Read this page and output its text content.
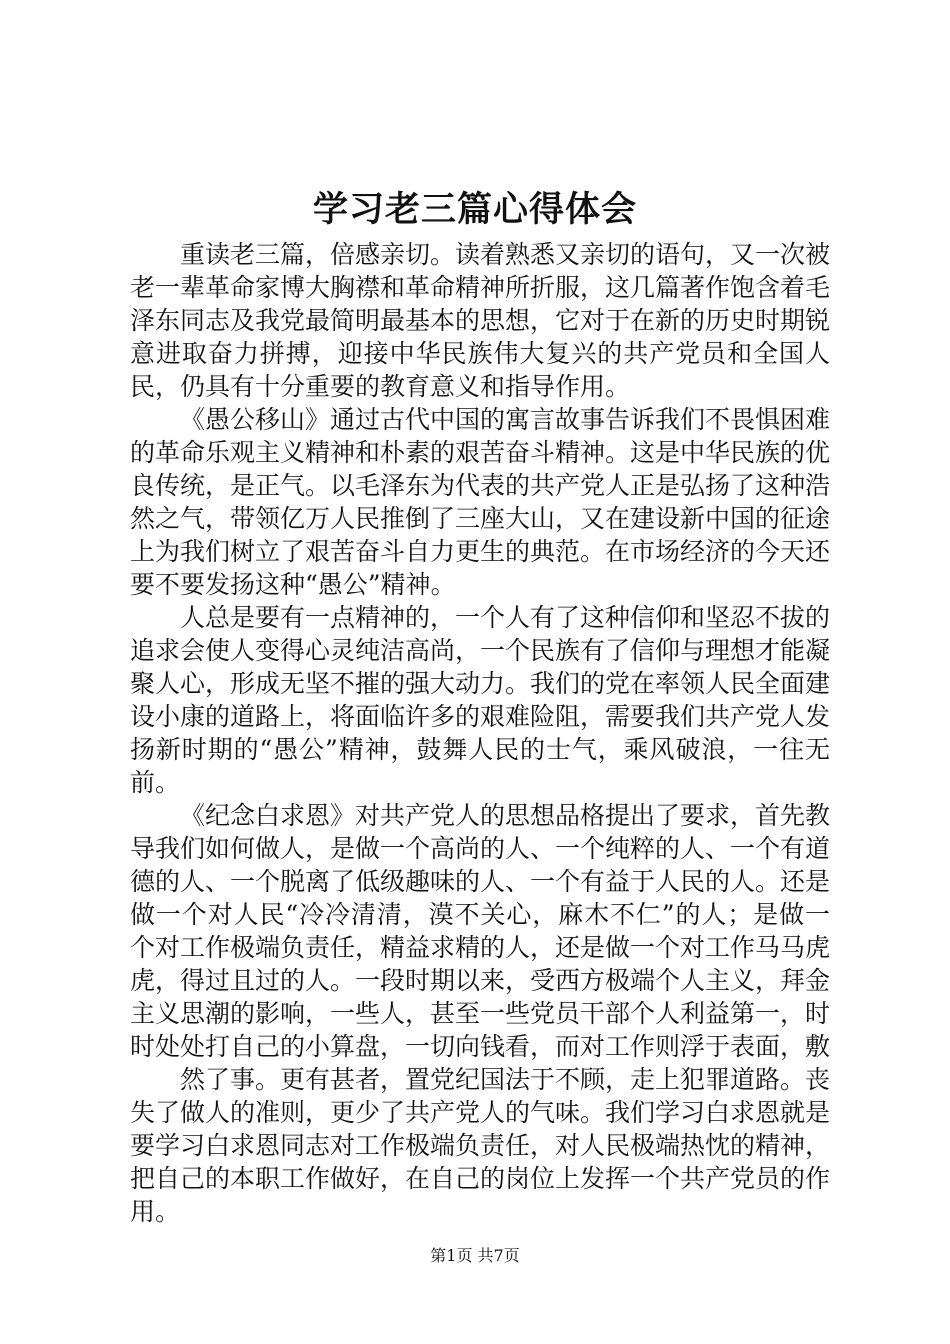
学习老三篇心得体会

重读老三篇，倍感亲切。读着熟悉又亲切的语句，又一次被老一辈革命家博大胸襟和革命精神所折服，这几篇著作饱含着毛泽东同志及我党最简明最基本的思想，它对于在新的历史时期锐意进取奋力拼搏，迎接中华民族伟大复兴的共产党员和全国人民，仍具有十分重要的教育意义和指导作用。

《愚公移山》通过古代中国的寓言故事告诉我们不畏惧困难的革命乐观主义精神和朴素的艰苦奋斗精神。这是中华民族的优良传统，是正气。以毛泽东为代表的共产党人正是弘扬了这种浩然之气，带领亿万人民推倒了三座大山，又在建设新中国的征途上为我们树立了艰苦奋斗自力更生的典范。在市场经济的今天还要不要发扬这种“愚公”精神。

人总是要有一点精神的，一个人有了这种信仰和坚忍不拔的追求会使人变得心灵纯洁高尚，一个民族有了信仰与理想才能凝聚人心，形成无坚不摧的强大动力。我们的党在率领人民全面建设小康的道路上，将面临许多的艰难险阻，需要我们共产党人发扬新时期的“愚公”精神，鼓舞人民的士气，乘风破浪，一往无前。

《纪念白求恩》对共产党人的思想品格提出了要求，首先教导我们如何做人，是做一个高尚的人、一个纯粹的人、一个有道德的人、一个脱离了低级趣味的人、一个有益于人民的人。还是做一个对人民“冷冷清清，漠不关心，麻木不仁”的人；是做一个对工作极端负责任，精益求精的人，还是做一个对工作马马虎虎，得过且过的人。一段时期以来，受西方极端个人主义，拜金主义思潮的影响，一些人，甚至一些党员干部个人利益第一，时时处处打自己的小算盘，一切向钱看，而对工作则浮于表面，敷

然了事。更有甚者，置党纪国法于不顾，走上犯罪道路。丧失了做人的准则，更少了共产党人的气味。我们学习白求恩就是要学习白求恩同志对工作极端负责任，对人民极端热忱的精神，把自己的本职工作做好，在自己的岗位上发挥一个共产党员的作用。

第1页 共7页
